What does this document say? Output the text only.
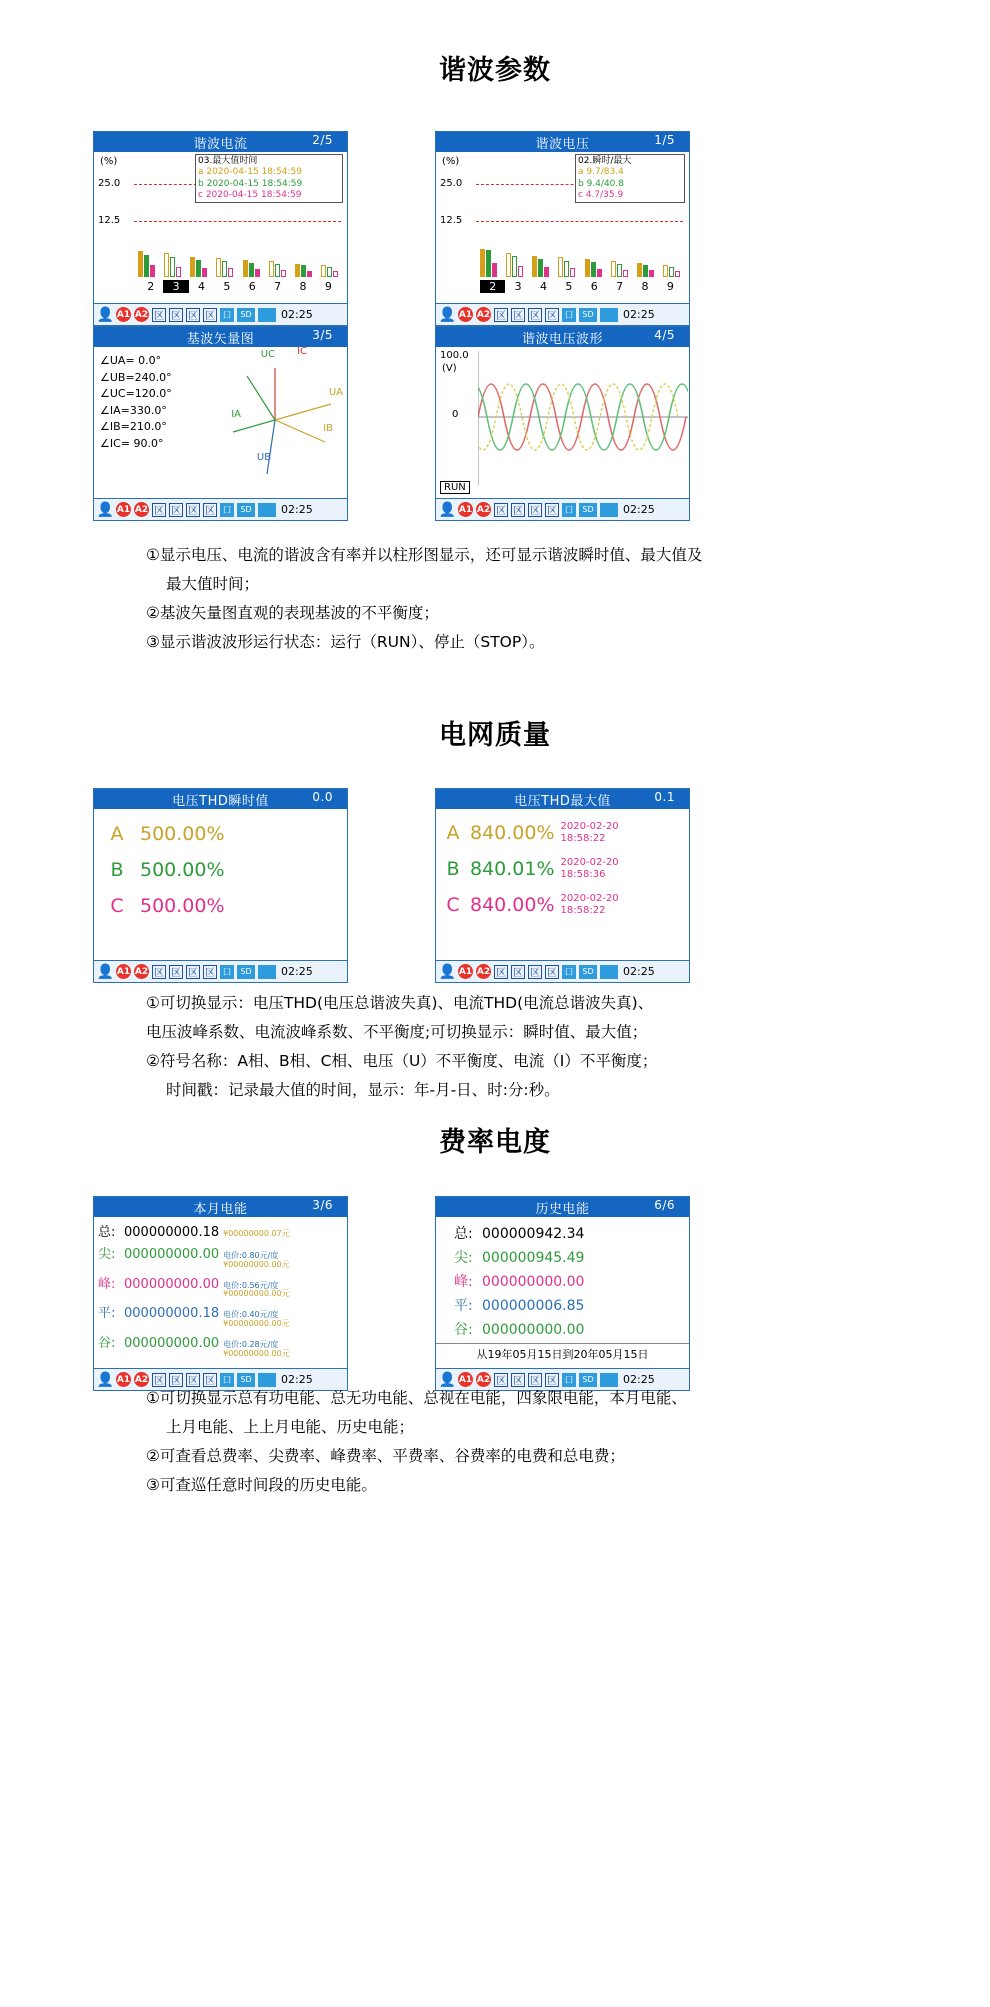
谐波参数
谐波电流	2/5
(%)
25.0
12.5
03.最大值时间
a 2020-04-15 18:54:59
b 2020-04-15 18:54:59
c 2020-04-15 18:54:59
2	3	4	5	6	7	8	9
👤 A1 A2 区 区 区 区 口	SD	02:25
谐波电压	1/5
(%)
25.0
12.5
02.瞬时/最大
a 9.7/83.4
b 9.4/40.8
c 4.7/35.9
2	3	4	5	6	7	8	9
👤 A1 A2 区 区 区 区 口	SD	02:25
基波矢量图	3/5
∠UA= 0.0°
∠UB=240.0°
∠UC=120.0°
∠IA=330.0°
∠IB=210.0°
∠IC= 90.0°
UC IC
UA
IB
IA
UB
👤 A1 A2 区 区 区 区 口	SD	02:25
谐波电压波形	4/5
100.0
(V)
0
RUN
👤 A1 A2 区 区 区 区 口	SD	02:25

①显示电压、电流的谐波含有率并以柱形图显示，还可显示谐波瞬时值、最大值及

最大值时间；

②基波矢量图直观的表现基波的不平衡度；

③显示谐波波形运行状态：运行（RUN）、停止（STOP）。

电网质量
电压THD瞬时值	0.0
A 500.00%
B 500.00%
C 500.00%
👤 A1 A2 区 区 区 区 口	SD	02:25
电压THD最大值	0.1
A 840.00% 2020-02-20
18:58:22
B 840.01% 2020-02-20
18:58:36
C 840.00% 2020-02-20
18:58:22
👤 A1 A2 区 区 区 区 口	SD	02:25

①可切换显示：电压THD(电压总谐波失真)、电流THD(电流总谐波失真)、

电压波峰系数、电流波峰系数、不平衡度;可切换显示：瞬时值、最大值；

②符号名称：A相、B相、C相、电压（U）不平衡度、电流（I）不平衡度；

时间戳：记录最大值的时间，显示：年-月-日、时:分:秒。

费率电度
本月电能	3/6
总: 000000000.18 ¥00000000.07元
尖: 000000000.00 电价:0.80元/度
¥00000000.00元
峰: 000000000.00 电价:0.56元/度
¥00000000.00元
平: 000000000.18 电价:0.40元/度
¥00000000.00元
谷: 000000000.00 电价:0.28元/度
¥00000000.00元
👤 A1 A2 区 区 区 区 口	SD	02:25
历史电能	6/6
总: 000000942.34
尖: 000000945.49
峰: 000000000.00
平: 000000006.85
谷: 000000000.00
从19年05月15日到20年05月15日
👤 A1 A2 区 区 区 区 口	SD	02:25

①可切换显示总有功电能、总无功电能、总视在电能，四象限电能，本月电能、

上月电能、上上月电能、历史电能；

②可查看总费率、尖费率、峰费率、平费率、谷费率的电费和总电费；

③可查巡任意时间段的历史电能。
